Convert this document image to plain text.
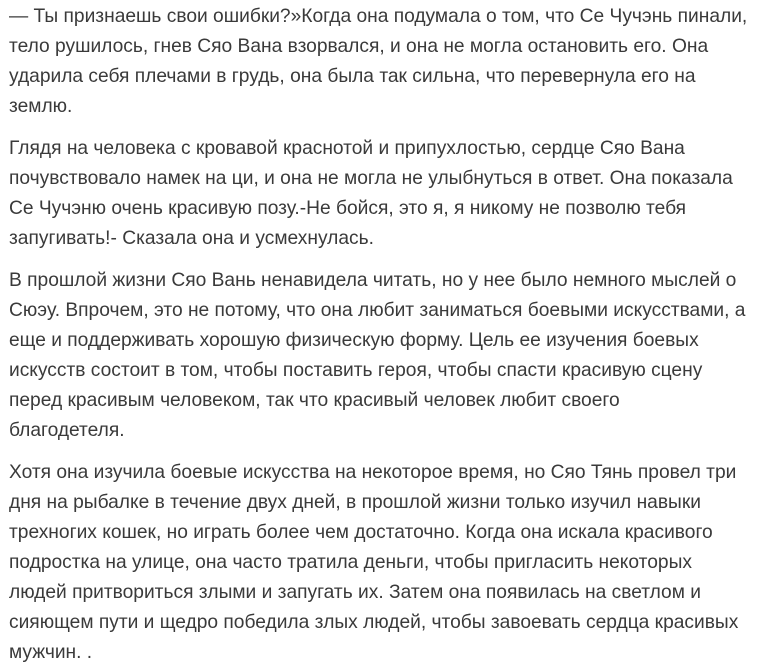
— Ты признаешь свои ошибки?»Когда она подумала о том, что Се Чучэнь пинали,
тело рушилось, гнев Сяо Вана взорвался, и она не могла остановить его. Она
ударила себя плечами в грудь, она была так сильна, что перевернула его на
землю.

Глядя на человека с кровавой краснотой и припухлостью, сердце Сяо Вана
почувствовало намек на ци, и она не могла не улыбнуться в ответ. Она показала
Се Чучэню очень красивую позу.-Не бойся, это я, я никому не позволю тебя
запугивать!- Сказала она и усмехнулась.

В прошлой жизни Сяо Вань ненавидела читать, но у нее было немного мыслей о
Сюэу. Впрочем, это не потому, что она любит заниматься боевыми искусствами, а
еще и поддерживать хорошую физическую форму. Цель ее изучения боевых
искусств состоит в том, чтобы поставить героя, чтобы спасти красивую сцену
перед красивым человеком, так что красивый человек любит своего
благодетеля.

Хотя она изучила боевые искусства на некоторое время, но Сяо Тянь провел три
дня на рыбалке в течение двух дней, в прошлой жизни только изучил навыки
трехногих кошек, но играть более чем достаточно. Когда она искала красивого
подростка на улице, она часто тратила деньги, чтобы пригласить некоторых
людей притвориться злыми и запугать их. Затем она появилась на светлом и
сияющем пути и щедро победила злых людей, чтобы завоевать сердца красивых
мужчин. .
